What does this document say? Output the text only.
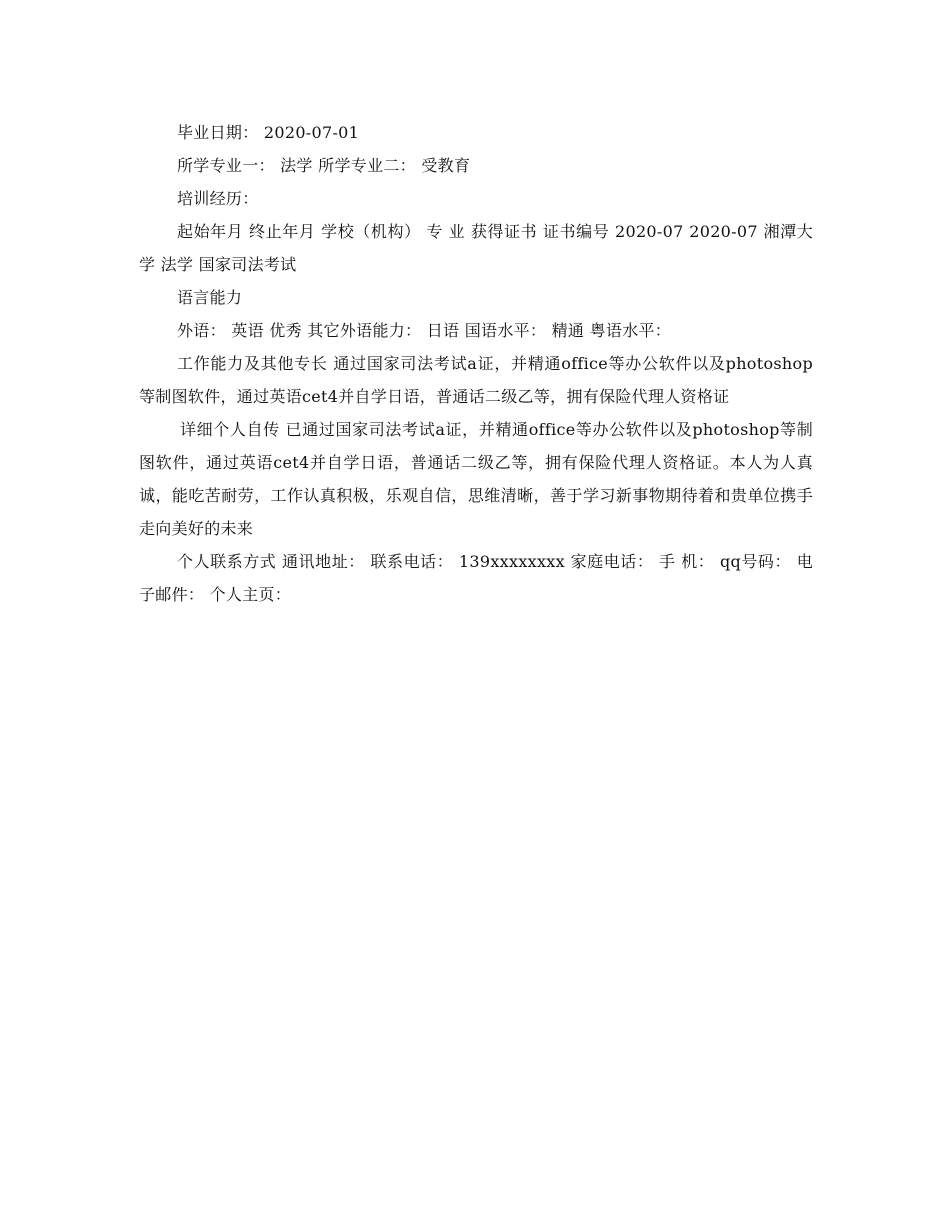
毕业日期： 2020-07-01

所学专业一： 法学 所学专业二： 受教育

培训经历：

起始年月 终止年月 学校（机构） 专 业 获得证书 证书编号 2020-07 2020-07 湘潭大学 法学 国家司法考试

语言能力

外语： 英语 优秀 其它外语能力： 日语 国语水平： 精通 粤语水平：

工作能力及其他专长 通过国家司法考试a证，并精通office等办公软件以及photoshop等制图软件，通过英语cet4并自学日语，普通话二级乙等，拥有保险代理人资格证

详细个人自传 已通过国家司法考试a证，并精通office等办公软件以及photoshop等制图软件，通过英语cet4并自学日语，普通话二级乙等，拥有保险代理人资格证。本人为人真诚，能吃苦耐劳，工作认真积极，乐观自信，思维清晰，善于学习新事物期待着和贵单位携手走向美好的未来

个人联系方式 通讯地址： 联系电话： 139xxxxxxxx 家庭电话： 手 机： qq号码： 电子邮件： 个人主页：
